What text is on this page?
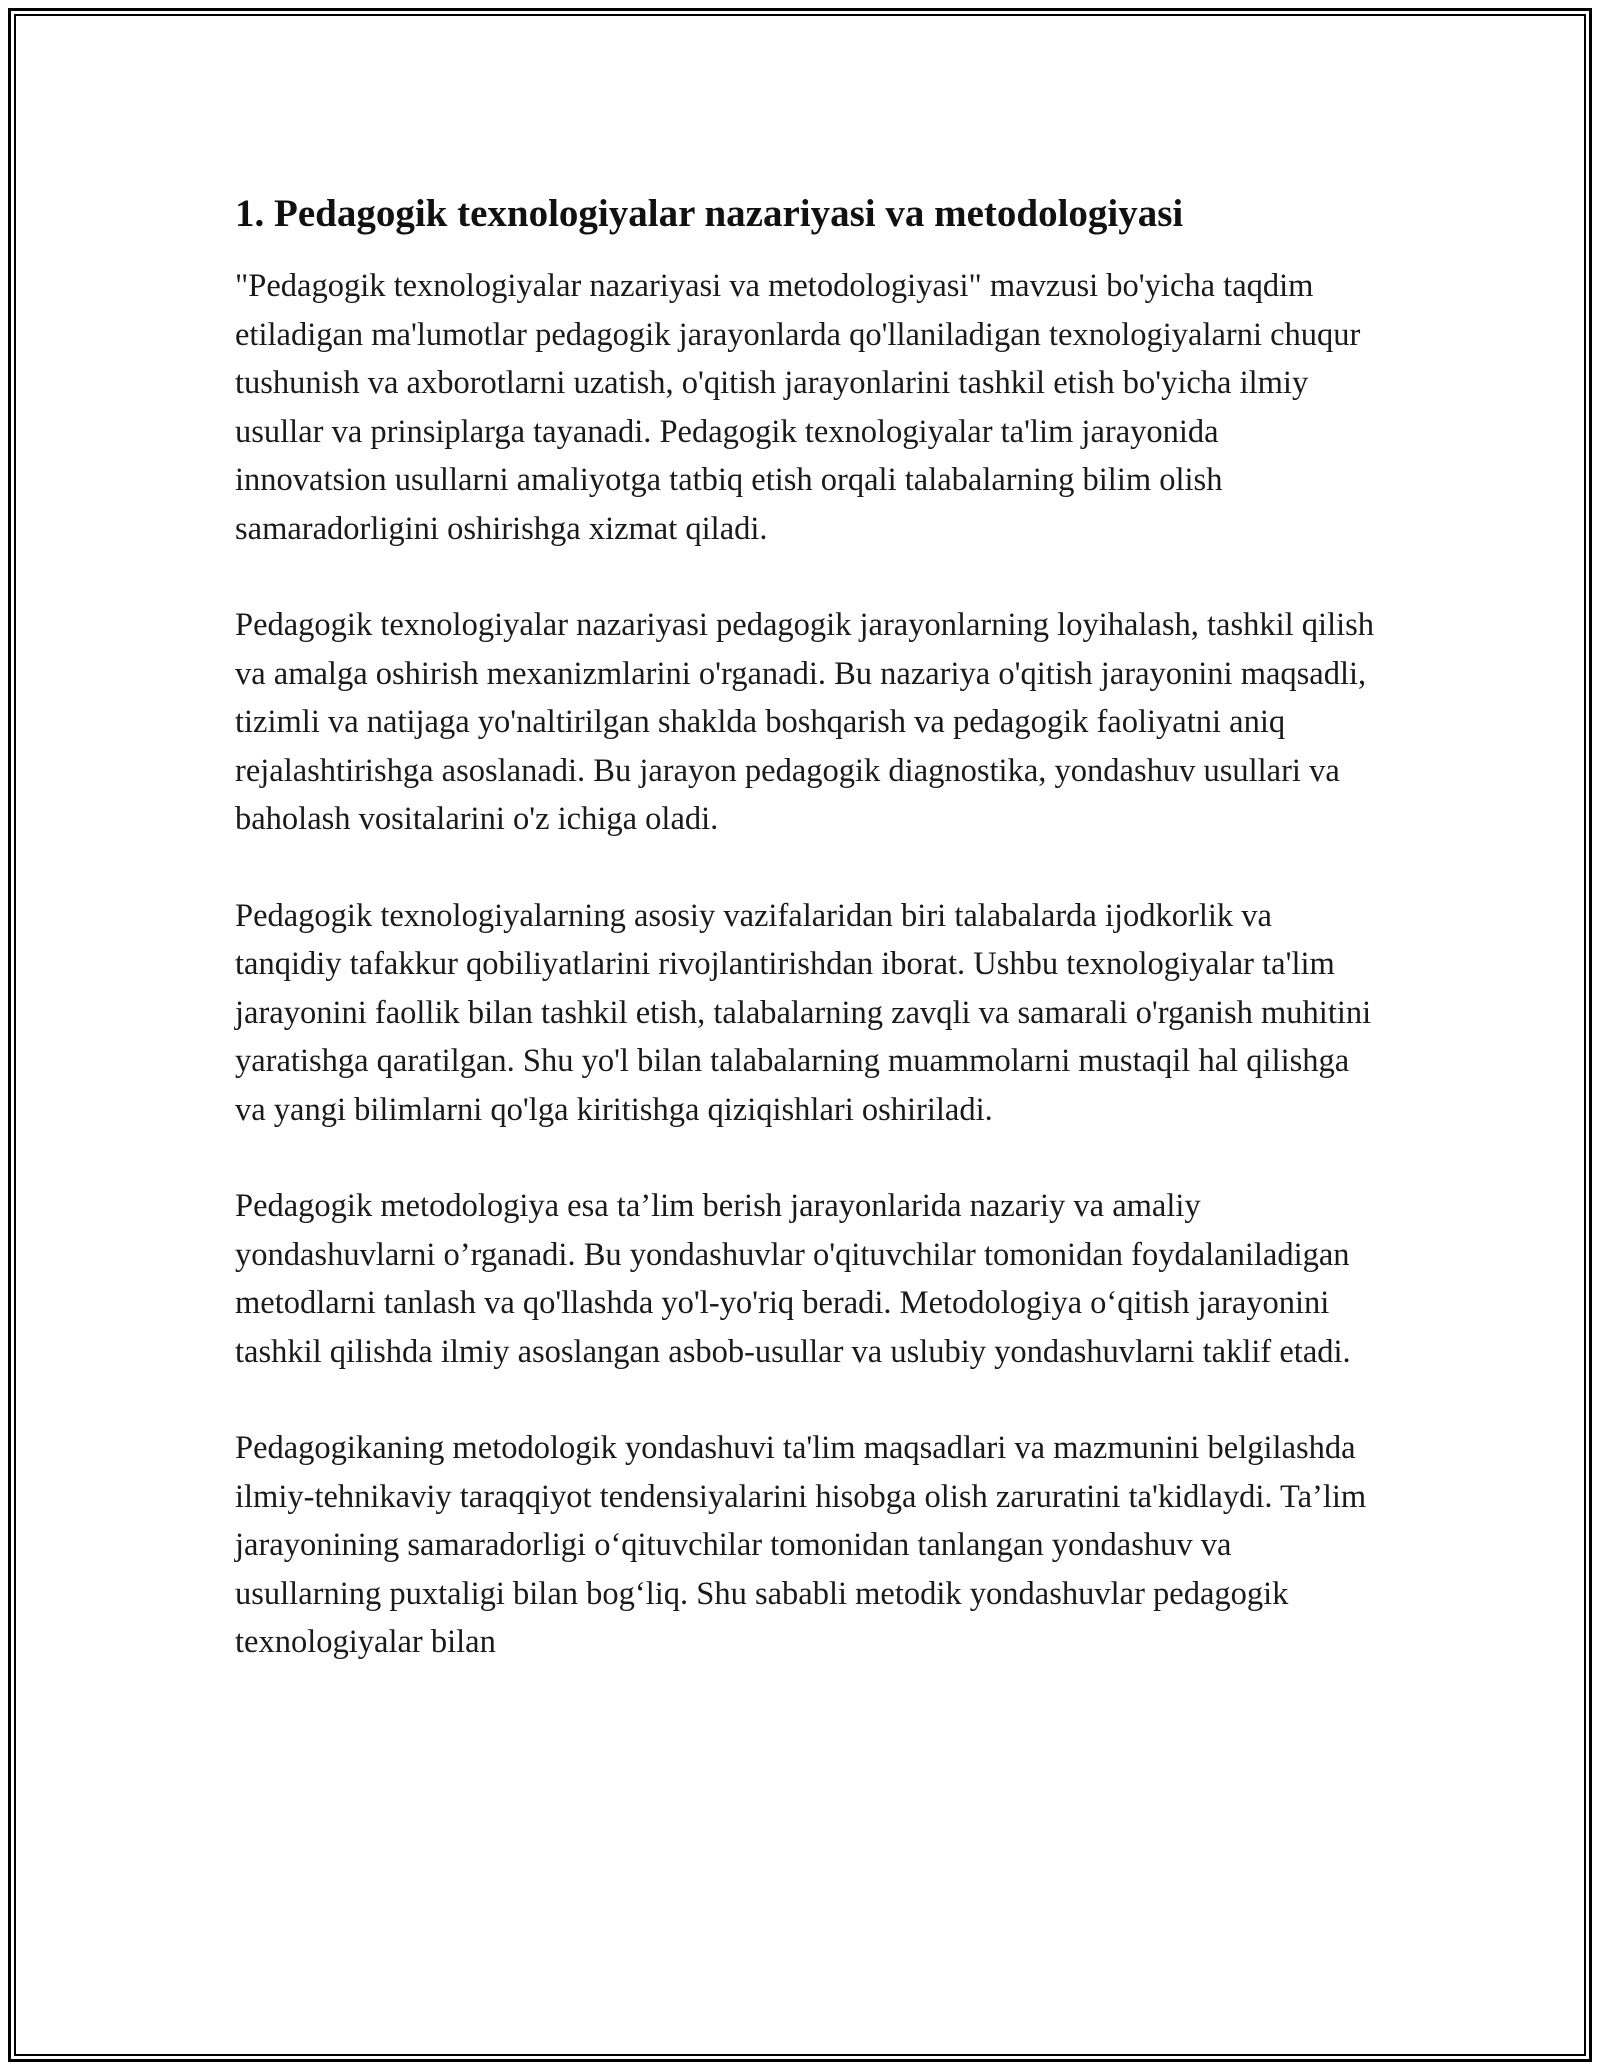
1. Pedagogik texnologiyalar nazariyasi va metodologiyasi

"Pedagogik texnologiyalar nazariyasi va metodologiyasi" mavzusi bo'yicha taqdim etiladigan ma'lumotlar pedagogik jarayonlarda qo'llaniladigan texnologiyalarni chuqur tushunish va axborotlarni uzatish, o'qitish jarayonlarini tashkil etish bo'yicha ilmiy usullar va prinsiplarga tayanadi. Pedagogik texnologiyalar ta'lim jarayonida innovatsion usullarni amaliyotga tatbiq etish orqali talabalarning bilim olish samaradorligini oshirishga xizmat qiladi.

Pedagogik texnologiyalar nazariyasi pedagogik jarayonlarning loyihalash, tashkil qilish va amalga oshirish mexanizmlarini o'rganadi. Bu nazariya o'qitish jarayonini maqsadli, tizimli va natijaga yo'naltirilgan shaklda boshqarish va pedagogik faoliyatni aniq rejalashtirishga asoslanadi. Bu jarayon pedagogik diagnostika, yondashuv usullari va baholash vositalarini o'z ichiga oladi.

Pedagogik texnologiyalarning asosiy vazifalaridan biri talabalarda ijodkorlik va tanqidiy tafakkur qobiliyatlarini rivojlantirishdan iborat. Ushbu texnologiyalar ta'lim jarayonini faollik bilan tashkil etish, talabalarning zavqli va samarali o'rganish muhitini yaratishga qaratilgan. Shu yo'l bilan talabalarning muammolarni mustaqil hal qilishga va yangi bilimlarni qo'lga kiritishga qiziqishlari oshiriladi.

Pedagogik metodologiya esa ta’lim berish jarayonlarida nazariy va amaliy yondashuvlarni o’rganadi. Bu yondashuvlar o'qituvchilar tomonidan foydalaniladigan metodlarni tanlash va qo'llashda yo'l-yo'riq beradi. Metodologiya o‘qitish jarayonini tashkil qilishda ilmiy asoslangan asbob-usullar va uslubiy yondashuvlarni taklif etadi.

Pedagogikaning metodologik yondashuvi ta'lim maqsadlari va mazmunini belgilashda ilmiy-tehnikaviy taraqqiyot tendensiyalarini hisobga olish zaruratini ta'kidlaydi. Ta’lim jarayonining samaradorligi o‘qituvchilar tomonidan tanlangan yondashuv va usullarning puxtaligi bilan bog‘liq. Shu sababli metodik yondashuvlar pedagogik texnologiyalar bilan
